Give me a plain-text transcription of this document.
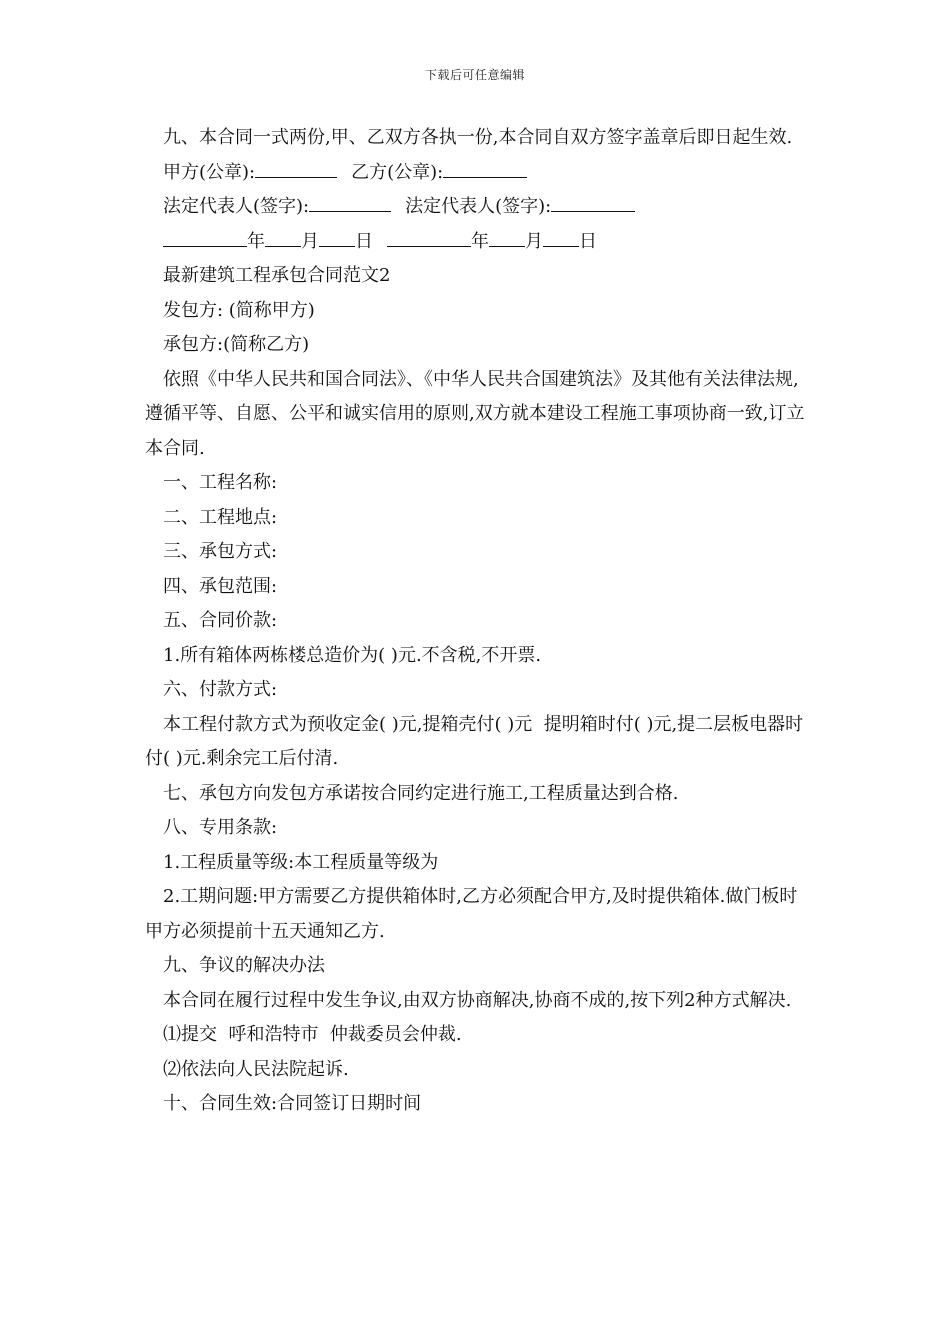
下载后可任意编辑

九、本合同一式两份,甲、乙双方各执一份,本合同自双方签字盖章后即日起生效.

甲方(公章):	乙方(公章):

法定代表人(签字):	法定代表人(签字):

年 月 日	年 月 日

最新建筑工程承包合同范文2

发包方: (简称甲方)

承包方:(简称乙方)

依照《中华人民共和国合同法》、《中华人民共合国建筑法》及其他有关法律法规,遵循平等、自愿、公平和诚实信用的原则,双方就本建设工程施工事项协商一致,订立本合同.

一、工程名称:

二、工程地点:

三、承包方式:

四、承包范围:

五、合同价款:

1.所有箱体两栋楼总造价为( )元.不含税,不开票.

六、付款方式:

本工程付款方式为预收定金( )元,提箱壳付( )元  提明箱时付( )元,提二层板电器时付( )元.剩余完工后付清.

七、承包方向发包方承诺按合同约定进行施工,工程质量达到合格.

八、专用条款:

1.工程质量等级:本工程质量等级为

2.工期问题:甲方需要乙方提供箱体时,乙方必须配合甲方,及时提供箱体.做门板时甲方必须提前十五天通知乙方.

九、争议的解决办法

本合同在履行过程中发生争议,由双方协商解决,协商不成的,按下列2种方式解决.

⑴提交  呼和浩特市  仲裁委员会仲裁.

⑵依法向人民法院起诉.

十、合同生效:合同签订日期时间
